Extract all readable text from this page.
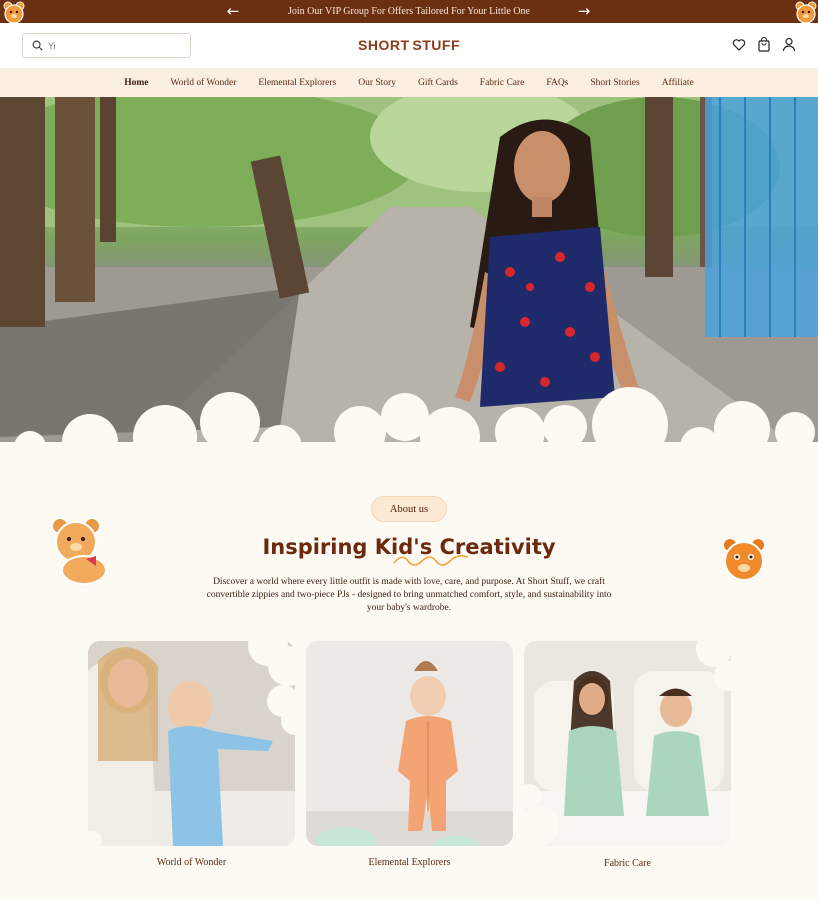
←	Join Our VIP Group For Offers Tailored For Your Little One	→
Yi
SHORT STUFF
Home World of Wonder Elemental Explorers Our Story Gift Cards Fabric Care FAQs Short Stories Affiliate
About us
Inspiring Kid's Creativity

Discover a world where every little outfit is made with love, care, and purpose. At Short Stuff, we craft convertible zippies and two-piece PJs - designed to bring unmatched comfort, style, and sustainability into your baby's wardrobe.

World of Wonder	Elemental Explorers	Fabric Care
